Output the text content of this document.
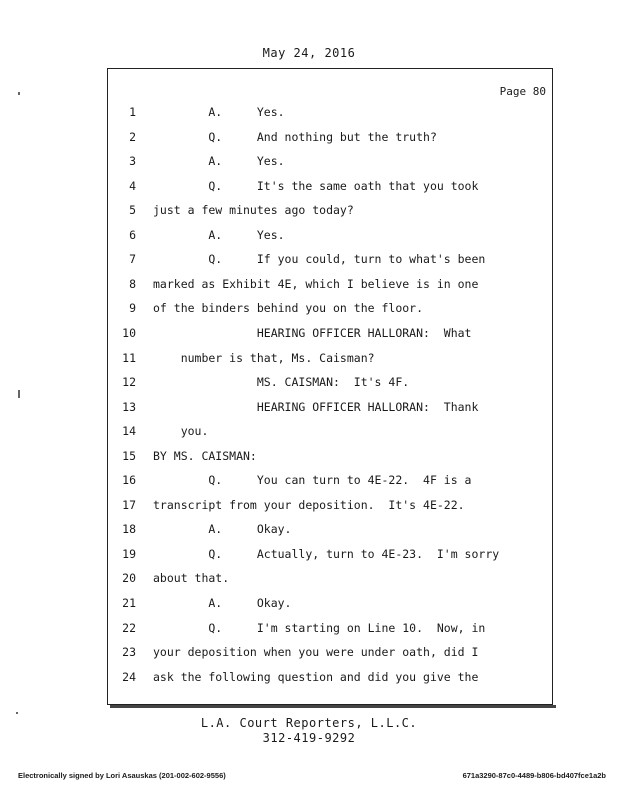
May 24, 2016
Page 80
1 A.     Yes.
2 Q.     And nothing but the truth?
3 A.     Yes.
4 Q.     It's the same oath that you took
5 just a few minutes ago today?
6 A.     Yes.
7 Q.     If you could, turn to what's been
8 marked as Exhibit 4E, which I believe is in one
9 of the binders behind you on the floor.
10 HEARING OFFICER HALLORAN:  What
11 number is that, Ms. Caisman?
12 MS. CAISMAN:  It's 4F.
13 HEARING OFFICER HALLORAN:  Thank
14 you.
15 BY MS. CAISMAN:
16 Q.     You can turn to 4E-22.  4F is a
17 transcript from your deposition.  It's 4E-22.
18 A.     Okay.
19 Q.     Actually, turn to 4E-23.  I'm sorry
20 about that.
21 A.     Okay.
22 Q.     I'm starting on Line 10.  Now, in
23 your deposition when you were under oath, did I
24 ask the following question and did you give the
L.A. Court Reporters, L.L.C.
312-419-9292
Electronically signed by Lori Asauskas (201-002-602-9556)	671a3290-87c0-4489-b806-bd407fce1a2b
